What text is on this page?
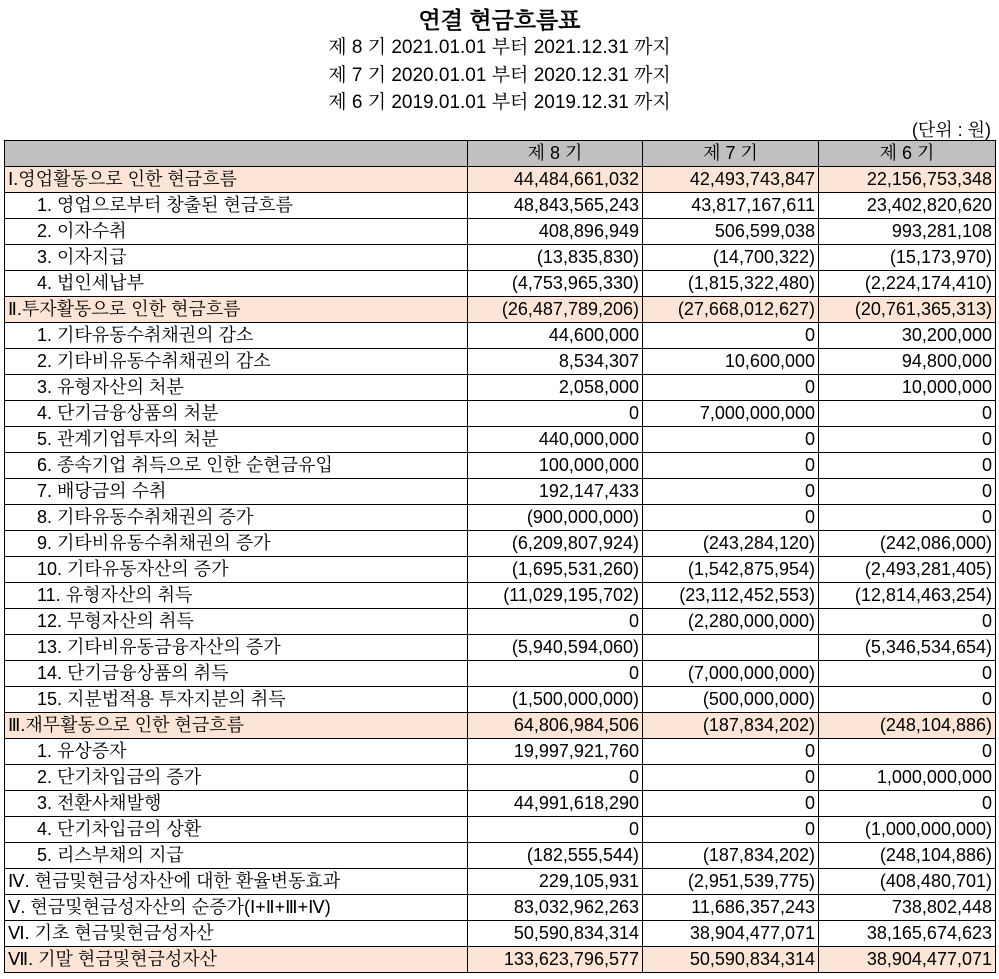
연결 현금흐름표
제 8 기 2021.01.01 부터 2021.12.31 까지
제 7 기 2020.01.01 부터 2020.12.31 까지
제 6 기 2019.01.01 부터 2019.12.31 까지
(단위 : 원)
	제 8 기	제 7 기	제 6 기
Ⅰ.영업활동으로 인한 현금흐름	44,484,661,032	42,493,743,847	22,156,753,348
1. 영업으로부터 창출된 현금흐름	48,843,565,243	43,817,167,611	23,402,820,620
2. 이자수취	408,896,949	506,599,038	993,281,108
3. 이자지급	(13,835,830)	(14,700,322)	(15,173,970)
4. 법인세납부	(4,753,965,330)	(1,815,322,480)	(2,224,174,410)
Ⅱ.투자활동으로 인한 현금흐름	(26,487,789,206)	(27,668,012,627)	(20,761,365,313)
1. 기타유동수취채권의 감소	44,600,000	0	30,200,000
2. 기타비유동수취채권의 감소	8,534,307	10,600,000	94,800,000
3. 유형자산의 처분	2,058,000	0	10,000,000
4. 단기금융상품의 처분	0	7,000,000,000	0
5. 관계기업투자의 처분	440,000,000	0	0
6. 종속기업 취득으로 인한 순현금유입	100,000,000	0	0
7. 배당금의 수취	192,147,433	0	0
8. 기타유동수취채권의 증가	(900,000,000)	0	0
9. 기타비유동수취채권의 증가	(6,209,807,924)	(243,284,120)	(242,086,000)
10. 기타유동자산의 증가	(1,695,531,260)	(1,542,875,954)	(2,493,281,405)
11. 유형자산의 취득	(11,029,195,702)	(23,112,452,553)	(12,814,463,254)
12. 무형자산의 취득	0	(2,280,000,000)	0
13. 기타비유동금융자산의 증가	(5,940,594,060)		(5,346,534,654)
14. 단기금융상품의 취득	0	(7,000,000,000)	0
15. 지분법적용 투자지분의 취득	(1,500,000,000)	(500,000,000)	0
Ⅲ.재무활동으로 인한 현금흐름	64,806,984,506	(187,834,202)	(248,104,886)
1. 유상증자	19,997,921,760	0	0
2. 단기차입금의 증가	0	0	1,000,000,000
3. 전환사채발행	44,991,618,290	0	0
4. 단기차입금의 상환	0	0	(1,000,000,000)
5. 리스부채의 지급	(182,555,544)	(187,834,202)	(248,104,886)
Ⅳ. 현금및현금성자산에 대한 환율변동효과	229,105,931	(2,951,539,775)	(408,480,701)
Ⅴ. 현금및현금성자산의 순증가(Ⅰ+Ⅱ+Ⅲ+Ⅳ)	83,032,962,263	11,686,357,243	738,802,448
Ⅵ. 기초 현금및현금성자산	50,590,834,314	38,904,477,071	38,165,674,623
Ⅶ. 기말 현금및현금성자산	133,623,796,577	50,590,834,314	38,904,477,071
